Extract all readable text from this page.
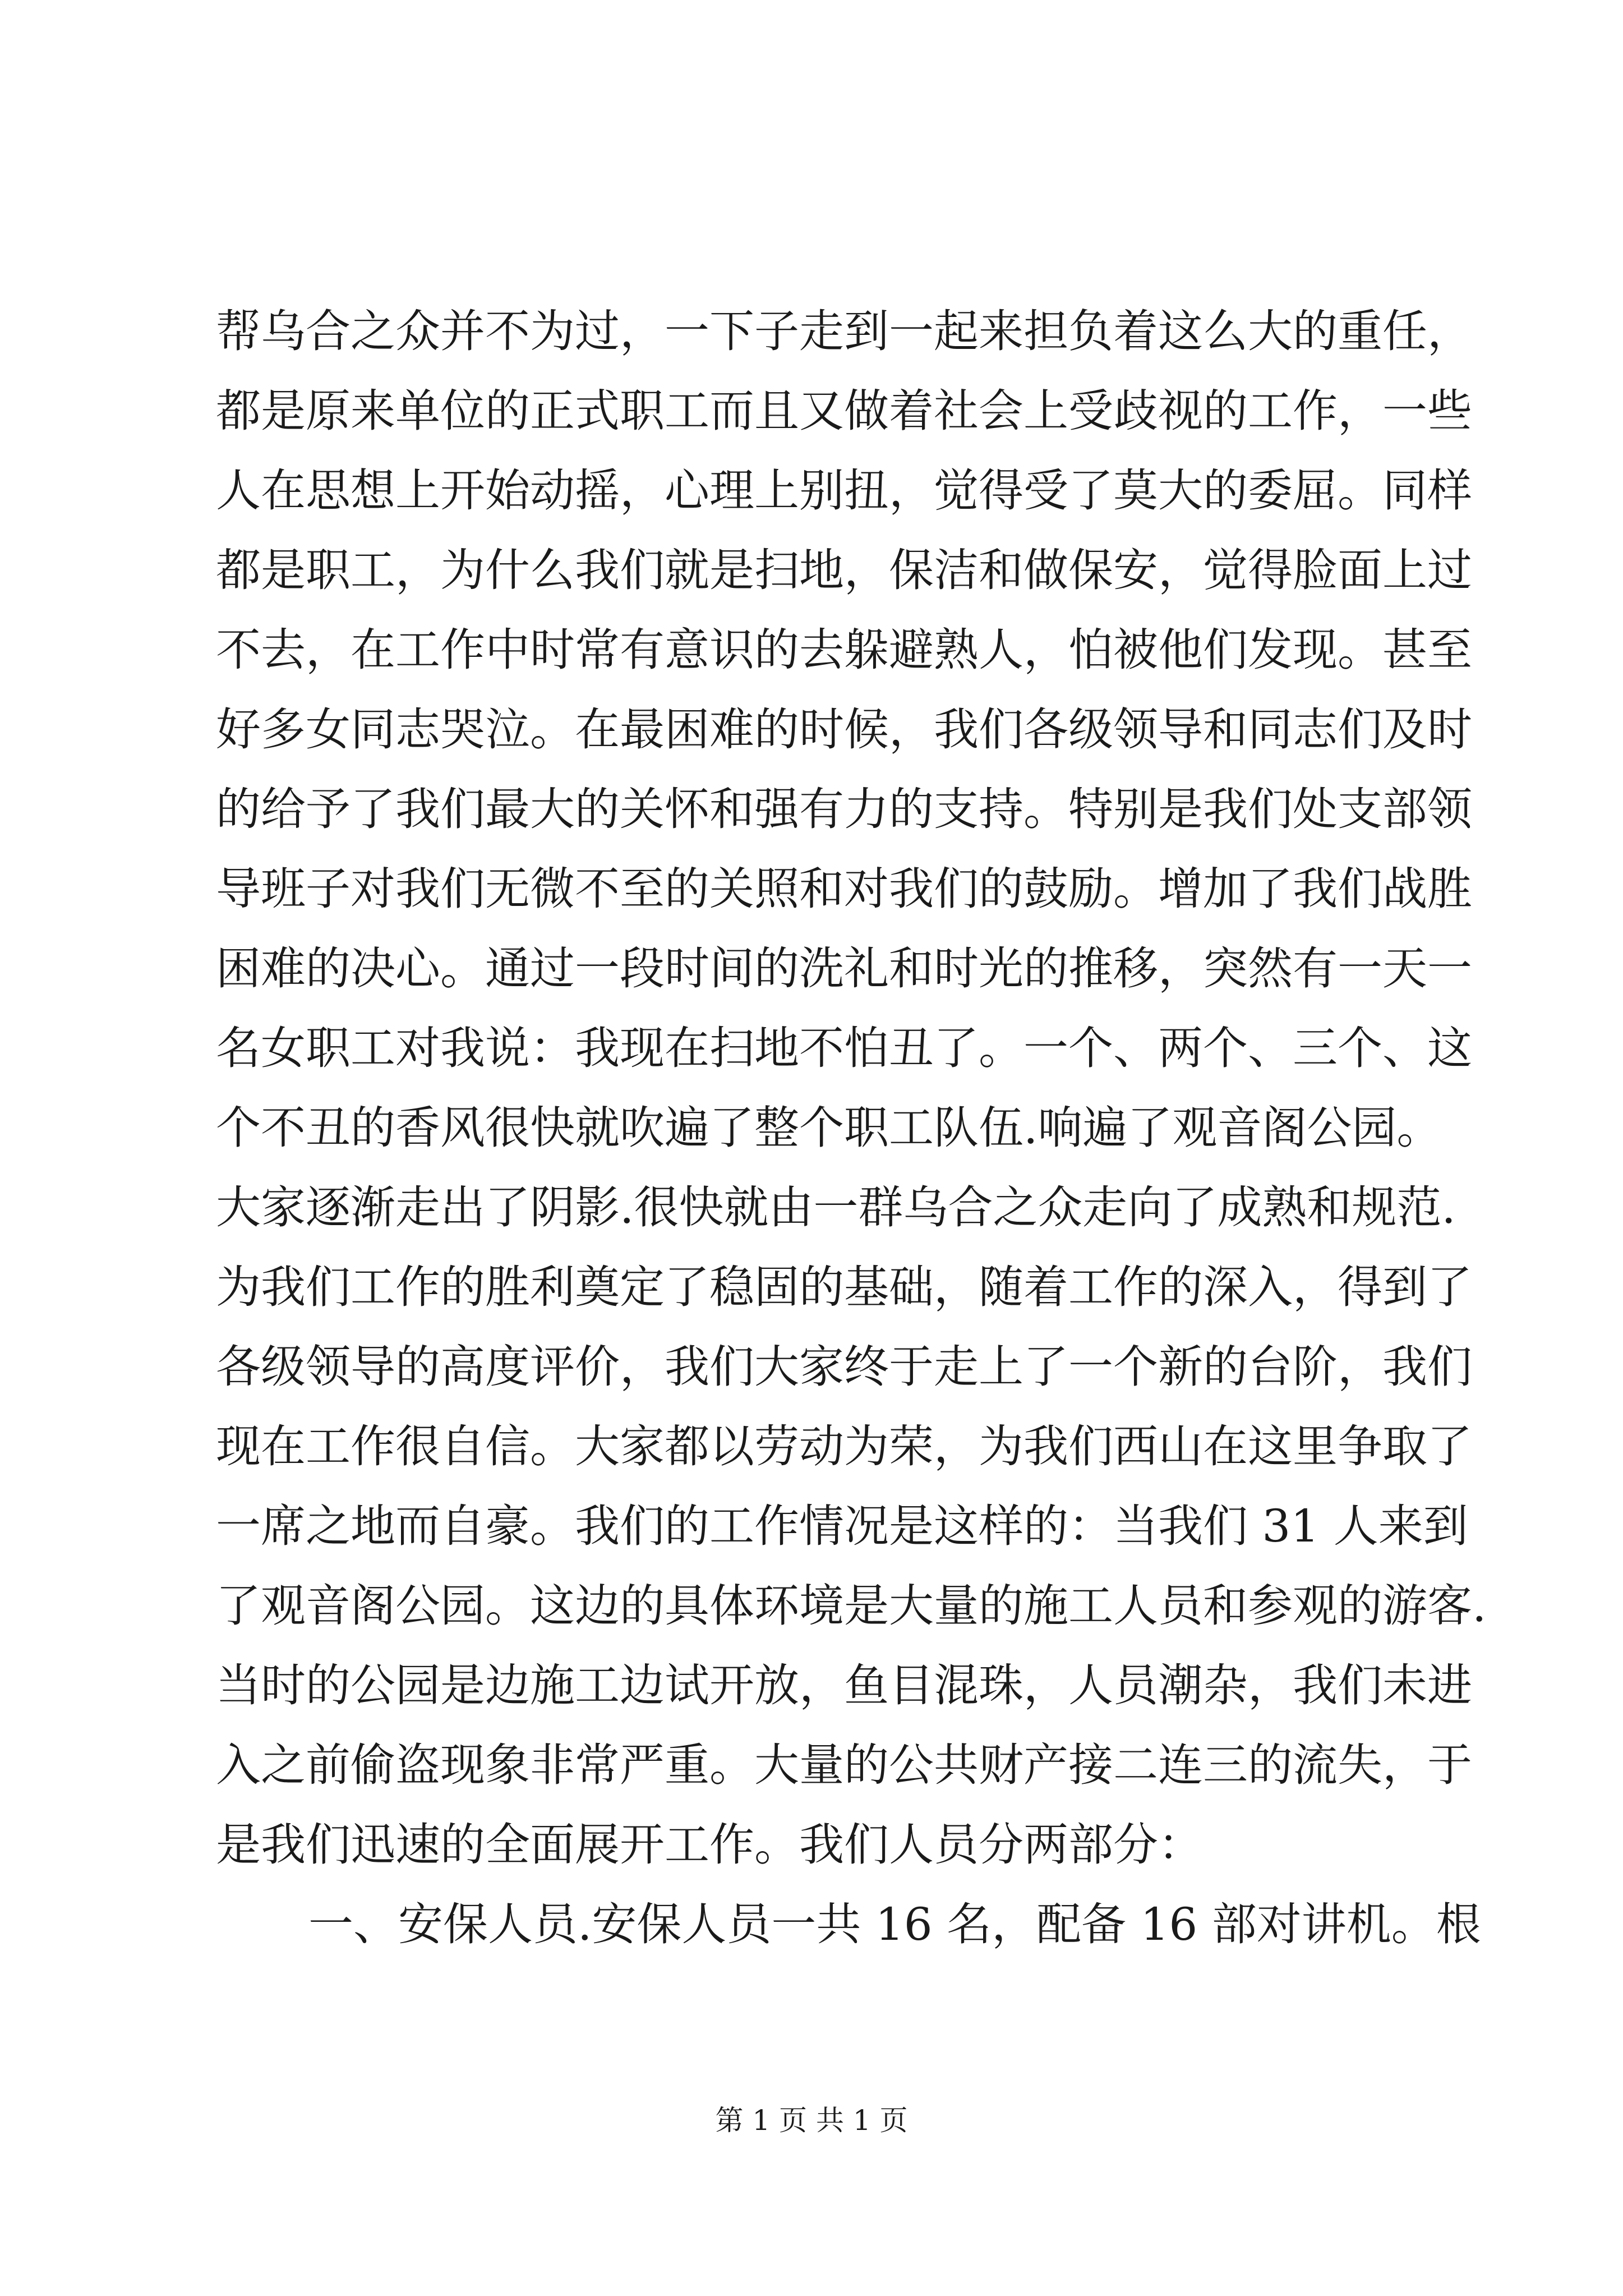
帮乌合之众并不为过，一下子走到一起来担负着这么大的重任，
都是原来单位的正式职工而且又做着社会上受歧视的工作，一些
人在思想上开始动摇，心理上别扭，觉得受了莫大的委屈。同样
都是职工，为什么我们就是扫地，保洁和做保安，觉得脸面上过
不去，在工作中时常有意识的去躲避熟人，怕被他们发现。甚至
好多女同志哭泣。在最困难的时候，我们各级领导和同志们及时
的给予了我们最大的关怀和强有力的支持。特别是我们处支部领
导班子对我们无微不至的关照和对我们的鼓励。增加了我们战胜
困难的决心。通过一段时间的洗礼和时光的推移，突然有一天一
名女职工对我说：我现在扫地不怕丑了。一个、两个、三个、这
个不丑的香风很快就吹遍了整个职工队伍.响遍了观音阁公园。
大家逐渐走出了阴影.很快就由一群乌合之众走向了成熟和规范.
为我们工作的胜利奠定了稳固的基础，随着工作的深入，得到了
各级领导的高度评价，我们大家终于走上了一个新的台阶，我们
现在工作很自信。大家都以劳动为荣，为我们西山在这里争取了
一席之地而自豪。我们的工作情况是这样的：当我们 31 人来到
了观音阁公园。这边的具体环境是大量的施工人员和参观的游客.
当时的公园是边施工边试开放，鱼目混珠，人员潮杂，我们未进
入之前偷盗现象非常严重。大量的公共财产接二连三的流失，于
是我们迅速的全面展开工作。我们人员分两部分：
一、安保人员.安保人员一共 16 名，配备 16 部对讲机。根
第 1 页 共 1 页
